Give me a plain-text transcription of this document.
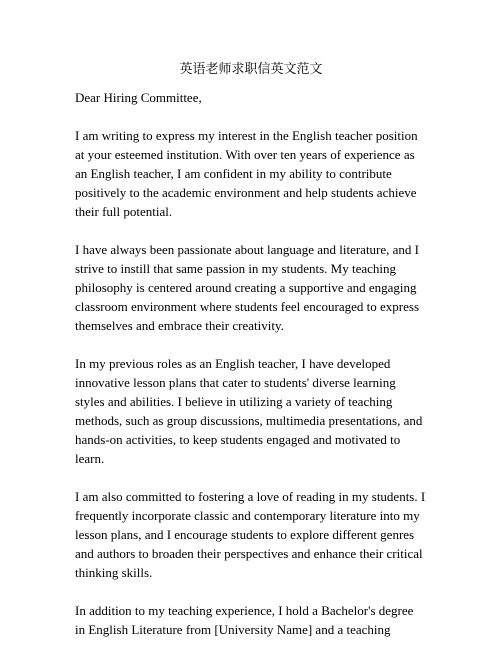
英语老师求职信英文范文
Dear Hiring Committee,
I am writing to express my interest in the English teacher position
at your esteemed institution. With over ten years of experience as
an English teacher, I am confident in my ability to contribute
positively to the academic environment and help students achieve
their full potential.
I have always been passionate about language and literature, and I
strive to instill that same passion in my students. My teaching
philosophy is centered around creating a supportive and engaging
classroom environment where students feel encouraged to express
themselves and embrace their creativity.
In my previous roles as an English teacher, I have developed
innovative lesson plans that cater to students' diverse learning
styles and abilities. I believe in utilizing a variety of teaching
methods, such as group discussions, multimedia presentations, and
hands-on activities, to keep students engaged and motivated to
learn.
I am also committed to fostering a love of reading in my students. I
frequently incorporate classic and contemporary literature into my
lesson plans, and I encourage students to explore different genres
and authors to broaden their perspectives and enhance their critical
thinking skills.
In addition to my teaching experience, I hold a Bachelor's degree
in English Literature from [University Name] and a teaching
